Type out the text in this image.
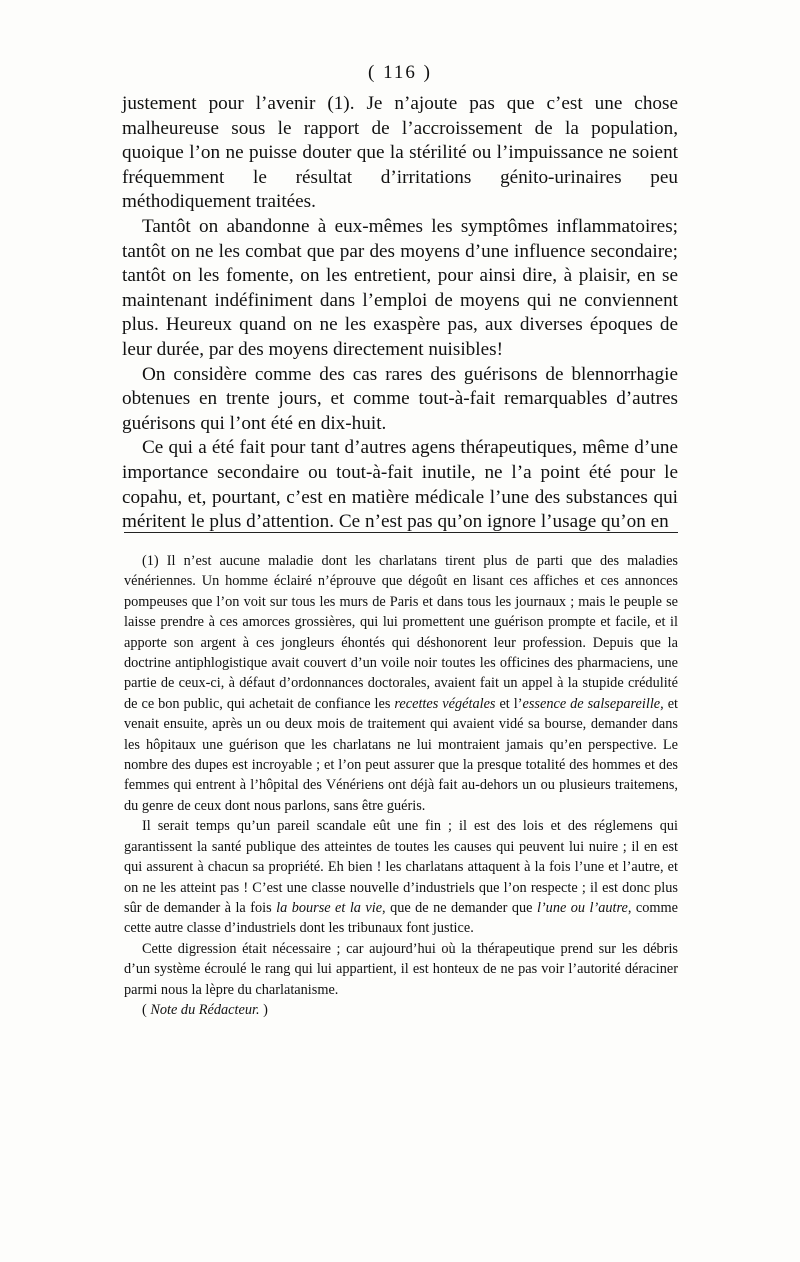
( 116 )

justement pour l’avenir (1). Je n’ajoute pas que c’est une chose malheureuse sous le rapport de l’accroissement de la population, quoique l’on ne puisse douter que la stérilité ou l’impuissance ne soient fréquemment le résultat d’irritations génito-urinaires peu méthodiquement traitées.

Tantôt on abandonne à eux-mêmes les symptômes inflammatoires; tantôt on ne les combat que par des moyens d’une influence secondaire; tantôt on les fomente, on les entretient, pour ainsi dire, à plaisir, en se maintenant indéfiniment dans l’emploi de moyens qui ne conviennent plus. Heureux quand on ne les exaspère pas, aux diverses époques de leur durée, par des moyens directement nuisibles!

On considère comme des cas rares des guérisons de blennorrhagie obtenues en trente jours, et comme tout-à-fait remarquables d’autres guérisons qui l’ont été en dix-huit.

Ce qui a été fait pour tant d’autres agens thérapeutiques, même d’une importance secondaire ou tout-à-fait inutile, ne l’a point été pour le copahu, et, pourtant, c’est en matière médicale l’une des substances qui méritent le plus d’attention. Ce n’est pas qu’on ignore l’usage qu’on en

(1) Il n’est aucune maladie dont les charlatans tirent plus de parti que des maladies vénériennes. Un homme éclairé n’éprouve que dégoût en lisant ces affiches et ces annonces pompeuses que l’on voit sur tous les murs de Paris et dans tous les journaux ; mais le peuple se laisse prendre à ces amorces grossières, qui lui promettent une guérison prompte et facile, et il apporte son argent à ces jongleurs éhontés qui déshonorent leur profession. Depuis que la doctrine antiphlogistique avait couvert d’un voile noir toutes les officines des pharmaciens, une partie de ceux-ci, à défaut d’ordonnances doctorales, avaient fait un appel à la stupide crédulité de ce bon public, qui achetait de confiance les recettes végétales et l’essence de salsepareille, et venait ensuite, après un ou deux mois de traitement qui avaient vidé sa bourse, demander dans les hôpitaux une guérison que les charlatans ne lui montraient jamais qu’en perspective. Le nombre des dupes est incroyable ; et l’on peut assurer que la presque totalité des hommes et des femmes qui entrent à l’hôpital des Vénériens ont déjà fait au-dehors un ou plusieurs traitemens, du genre de ceux dont nous parlons, sans être guéris.

Il serait temps qu’un pareil scandale eût une fin ; il est des lois et des réglemens qui garantissent la santé publique des atteintes de toutes les causes qui peuvent lui nuire ; il en est qui assurent à chacun sa propriété. Eh bien ! les charlatans attaquent à la fois l’une et l’autre, et on ne les atteint pas ! C’est une classe nouvelle d’industriels que l’on respecte ; il est donc plus sûr de demander à la fois la bourse et la vie, que de ne demander que l’une ou l’autre, comme cette autre classe d’industriels dont les tribunaux font justice.

Cette digression était nécessaire ; car aujourd’hui où la thérapeutique prend sur les débris d’un système écroulé le rang qui lui appartient, il est honteux de ne pas voir l’autorité déraciner parmi nous la lèpre du charlatanisme.

( Note du Rédacteur. )
